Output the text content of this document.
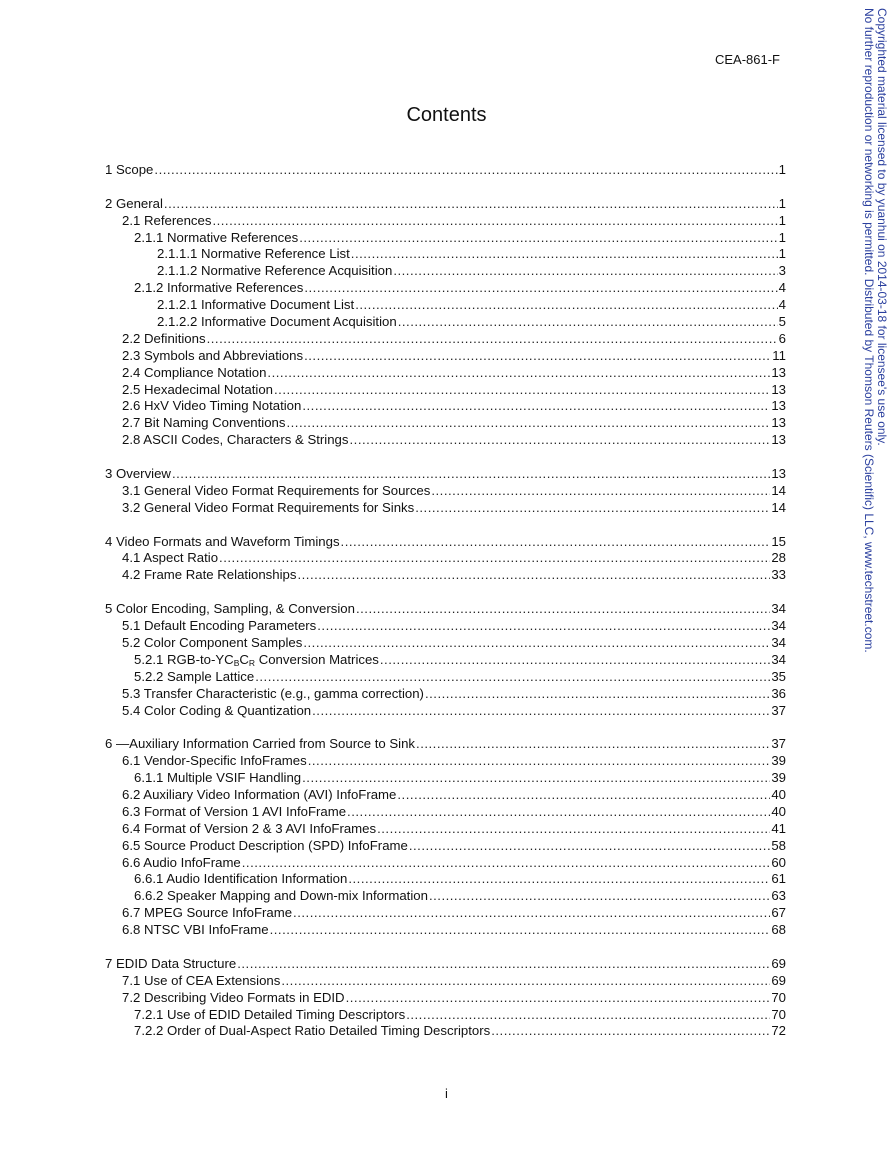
CEA-861-F
Contents
1 Scope .....	1
2 General .....	1
2.1 References .....	1
2.1.1 Normative References .....	1
2.1.1.1 Normative Reference List .....	1
2.1.1.2 Normative Reference Acquisition .....	3
2.1.2 Informative References .....	4
2.1.2.1 Informative Document List .....	4
2.1.2.2 Informative Document Acquisition .....	5
2.2 Definitions .....	6
2.3 Symbols and Abbreviations .....	11
2.4 Compliance Notation .....	13
2.5 Hexadecimal Notation .....	13
2.6 HxV Video Timing Notation .....	13
2.7 Bit Naming Conventions .....	13
2.8 ASCII Codes, Characters & Strings .....	13
3 Overview .....	13
3.1 General Video Format Requirements for Sources .....	14
3.2 General Video Format Requirements for Sinks .....	14
4 Video Formats and Waveform Timings .....	15
4.1 Aspect Ratio .....	28
4.2 Frame Rate Relationships .....	33
5 Color Encoding, Sampling, & Conversion .....	34
5.1 Default Encoding Parameters .....	34
5.2 Color Component Samples .....	34
5.2.1 RGB-$to-YC_BC_R$ Conversion Matrices .....	34
5.2.2 Sample Lattice .....	35
5.3 Transfer Characteristic (e.g., gamma correction) .....	36
5.4 Color Coding & Quantization .....	37
6 —Auxiliary Information Carried from Source to Sink .....	37
6.1 Vendor-Specific InfoFrames .....	39
6.1.1 Multiple VSIF Handling .....	39
6.2 Auxiliary Video Information (AVI) InfoFrame .....	40
6.3 Format of Version 1 AVI InfoFrame .....	40
6.4 Format of Version 2 & 3 AVI InfoFrames .....	41
6.5 Source Product Description (SPD) InfoFrame .....	58
6.6 Audio InfoFrame .....	60
6.6.1 Audio Identification Information .....	61
6.6.2 Speaker Mapping and Down-mix Information .....	63
6.7 MPEG Source InfoFrame .....	67
6.8 NTSC VBI InfoFrame .....	68
7 EDID Data Structure .....	69
7.1 Use of CEA Extensions .....	69
7.2 Describing Video Formats in EDID .....	70
7.2.1 Use of EDID Detailed Timing Descriptors .....	70
7.2.2 Order of Dual-Aspect Ratio Detailed Timing Descriptors .....	72
i
Copyrighted material licensed to by yuanhui on 2014-03-18 for licensee's use only.
No further reproduction or networking is permitted. Distributed by Thomson Reuters (Scientific) LLC, www.techstreet.com.
